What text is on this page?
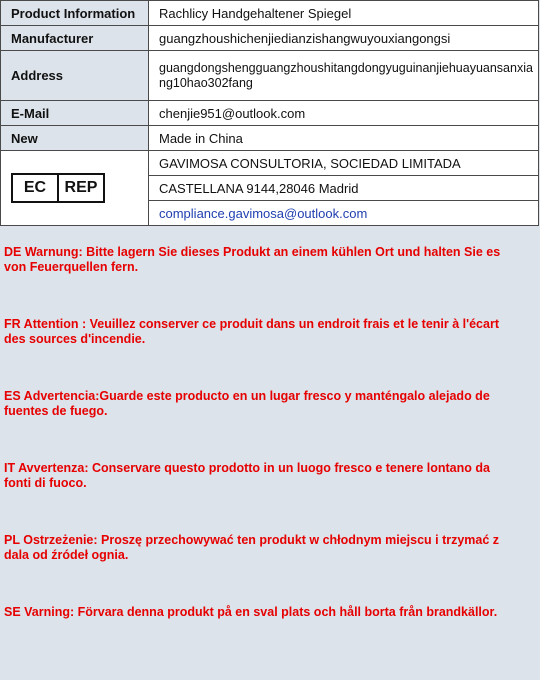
Product Information	Rachlicy Handgehaltener Spiegel
Manufacturer	guangzhoushichenjiedianzishangwuyouxiangongsi
Address	guangdongshengguangzhoushitangdongyuguinanjiehuayuansanxiang10hao302fang
E-Mail	chenjie951@outlook.com
New	Made in China

EC REP	GAVIMOSA CONSULTORIA, SOCIEDAD LIMITADA
	CASTELLANA 9144,28046 Madrid
	compliance.gavimosa@outlook.com

DE Warnung: Bitte lagern Sie dieses Produkt an einem kühlen Ort und halten Sie es von Feuerquellen fern.

FR Attention : Veuillez conserver ce produit dans un endroit frais et le tenir à l'écart des sources d'incendie.

ES Advertencia:Guarde este producto en un lugar fresco y manténgalo alejado de fuentes de fuego.

IT Avvertenza: Conservare questo prodotto in un luogo fresco e tenere lontano da fonti di fuoco.

PL Ostrzeżenie: Proszę przechowywać ten produkt w chłodnym miejscu i trzymać z dala od źródeł ognia.

SE Varning: Förvara denna produkt på en sval plats och håll borta från brandkällor.
